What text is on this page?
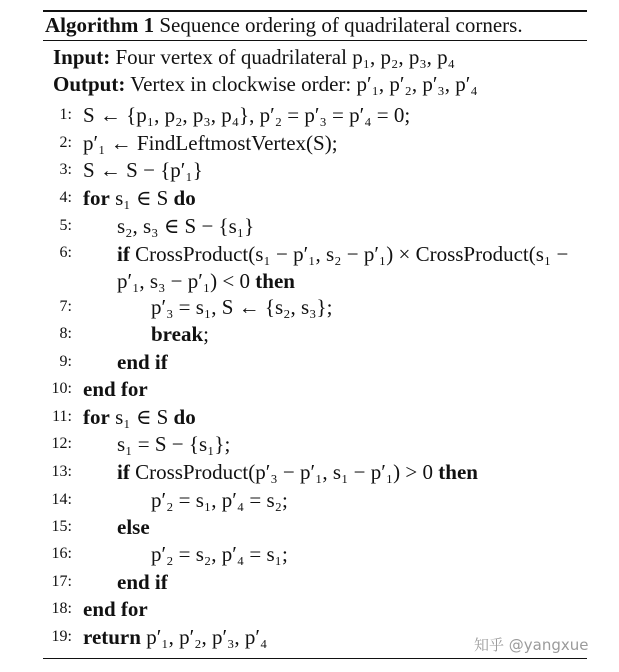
Algorithm 1 Sequence ordering of quadrilateral corners.
Input: Four vertex of quadrilateral p₁, p₂, p₃, p₄
Output: Vertex in clockwise order: p′₁, p′₂, p′₃, p′₄
1: S ← {p₁, p₂, p₃, p₄}, p′₂ = p′₃ = p′₄ = 0;
2: p′₁ ← FindLeftmostVertex(S);
3: S ← S − {p′₁}
4: for s₁ ∈ S do
5: s₂, s₃ ∈ S − {s₁}
6: if CrossProduct(s₁ − p′₁, s₂ − p′₁) × CrossProduct(s₁ − p′₁, s₃ − p′₁) < 0 then
7:	p′₃ = s₁, S ← {s₂, s₃};
8:	break;
9: end if
10: end for
11: for s₁ ∈ S do
12: s₁ = S − {s₁};
13: if CrossProduct(p′₃ − p′₁, s₁ − p′₁) > 0 then
14:	p′₂ = s₁, p′₄ = s₂;
15: else
16:	p′₂ = s₂, p′₄ = s₁;
17: end if
18: end for
19: return p′₁, p′₂, p′₃, p′₄	知乎 @yangxue
